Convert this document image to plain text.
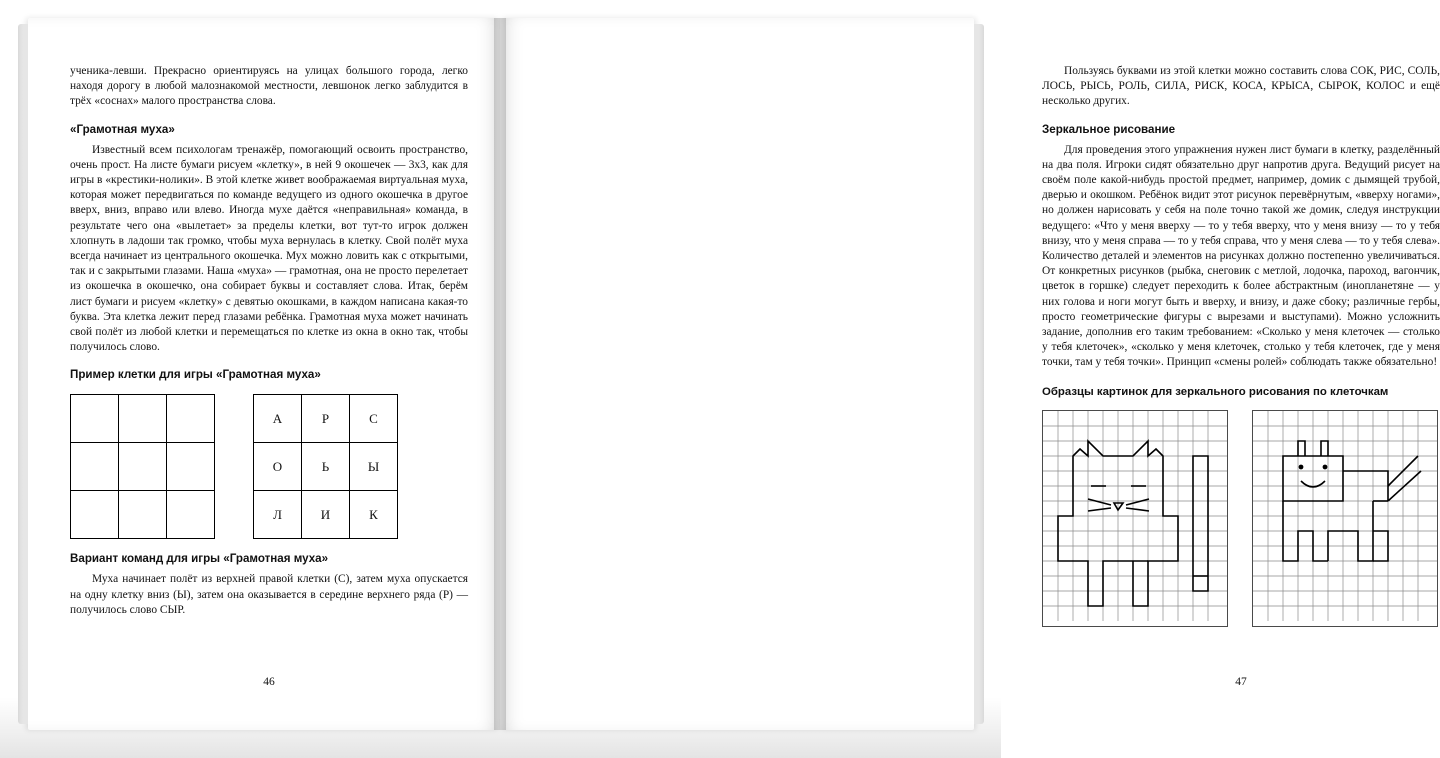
ученика-левши. Прекрасно ориентируясь на улицах большого города, легко находя дорогу в любой малознакомой местности, левшонок легко заблудится в трёх «соснах» малого пространства слова.

«Грамотная муха»

Известный всем психологам тренажёр, помогающий освоить пространство, очень прост. На листе бумаги рисуем «клетку», в ней 9 окошечек — 3х3, как для игры в «крестики-нолики». В этой клетке живет воображаемая виртуальная муха, которая может передвигаться по команде ведущего из одного окошечка в другое вверх, вниз, вправо или влево. Иногда мухе даётся «неправильная» команда, в результате чего она «вылетает» за пределы клетки, вот тут-то игрок должен хлопнуть в ладоши так громко, чтобы муха вернулась в клетку. Свой полёт муха всегда начинает из центрального окошечка. Мух можно ловить как с открытыми, так и с закрытыми глазами. Наша «муха» — грамотная, она не просто перелетает из окошечка в окошечко, она собирает буквы и составляет слова. Итак, берём лист бумаги и рисуем «клетку» с девятью окошками, в каждом написана какая-то буква. Эта клетка лежит перед глазами ребёнка. Грамотная муха может начинать свой полёт из любой клетки и перемещаться по клетке из окна в окно так, чтобы получилось слово.

Пример клетки для игры «Грамотная муха»

А	Р	С
О	Ь	Ы
Л	И	К
Вариант команд для игры «Грамотная муха»

Муха начинает полёт из верхней правой клетки (С), затем муха опускается на одну клетку вниз (Ы), затем она оказывается в середине верхнего ряда (Р) — получилось слово СЫР.

46

Пользуясь буквами из этой клетки можно составить слова СОК, РИС, СОЛЬ, ЛОСЬ, РЫСЬ, РОЛЬ, СИЛА, РИСК, КОСА, КРЫСА, СЫРОК, КОЛОС и ещё несколько других.

Зеркальное рисование

Для проведения этого упражнения нужен лист бумаги в клетку, разделённый на два поля. Игроки сидят обязательно друг напротив друга. Ведущий рисует на своём поле какой-нибудь простой предмет, например, домик с дымящей трубой, дверью и окошком. Ребёнок видит этот рисунок перевёрнутым, «вверху ногами», но должен нарисовать у себя на поле точно такой же домик, следуя инструкции ведущего: «Что у меня вверху — то у тебя вверху, что у меня внизу — то у тебя внизу, что у меня справа — то у тебя справа, что у меня слева — то у тебя слева». Количество деталей и элементов на рисунках должно постепенно увеличиваться. От конкретных рисунков (рыбка, снеговик с метлой, лодочка, пароход, вагончик, цветок в горшке) следует переходить к более абстрактным (инопланетяне — у них голова и ноги могут быть и вверху, и внизу, и даже сбоку; различные гербы, просто геометрические фигуры с вырезами и выступами). Можно усложнить задание, дополнив его таким требованием: «Сколько у меня клеточек — столько у тебя клеточек», «сколько у меня клеточек, столько у тебя клеточек, где у меня точки, там у тебя точки». Принцип «смены ролей» соблюдать также обязательно!

Образцы картинок для зеркального рисования по клеточкам
47
